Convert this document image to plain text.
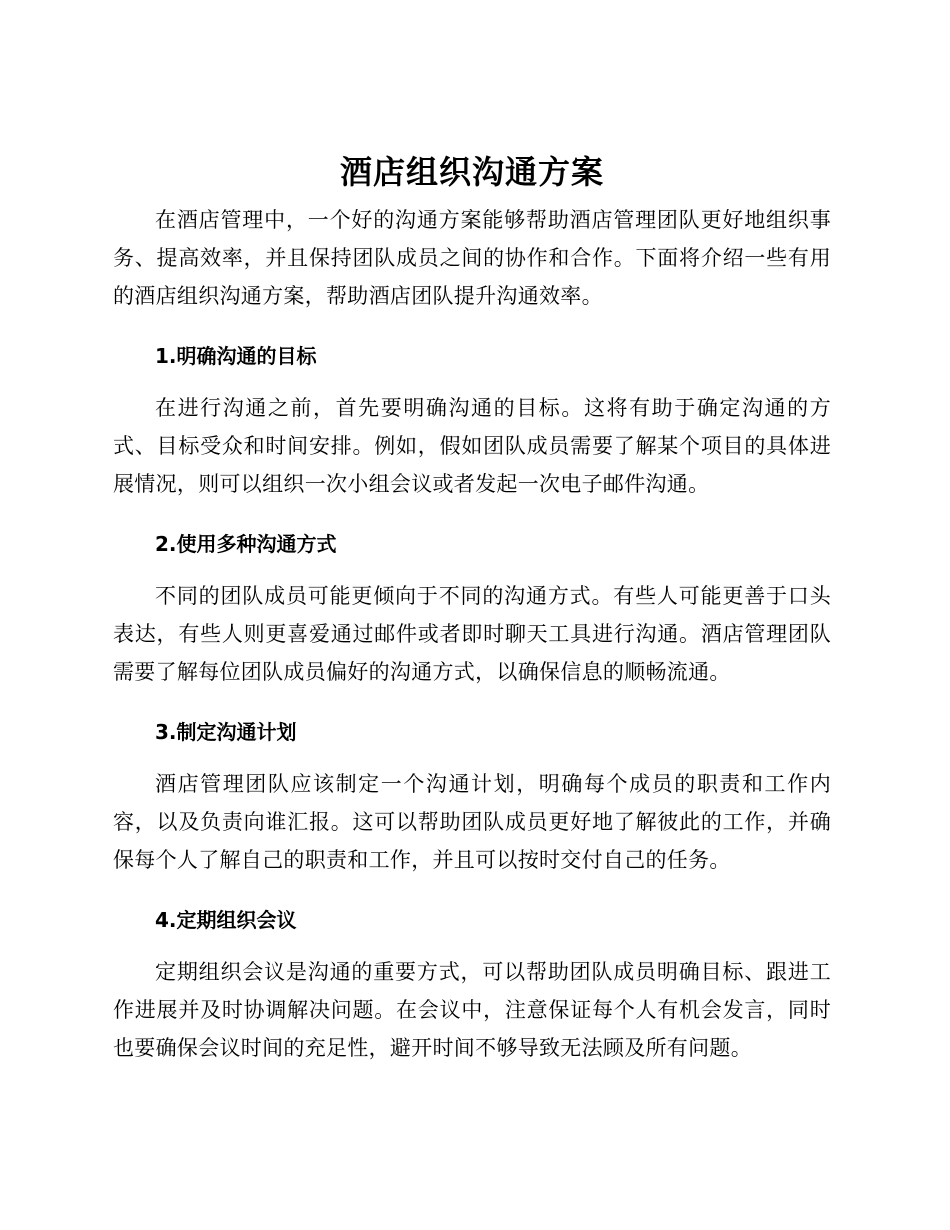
酒店组织沟通方案

在酒店管理中，一个好的沟通方案能够帮助酒店管理团队更好地组织事务、提高效率，并且保持团队成员之间的协作和合作。下面将介绍一些有用的酒店组织沟通方案，帮助酒店团队提升沟通效率。

1.明确沟通的目标

在进行沟通之前，首先要明确沟通的目标。这将有助于确定沟通的方式、目标受众和时间安排。例如，假如团队成员需要了解某个项目的具体进展情况，则可以组织一次小组会议或者发起一次电子邮件沟通。

2.使用多种沟通方式

不同的团队成员可能更倾向于不同的沟通方式。有些人可能更善于口头表达，有些人则更喜爱通过邮件或者即时聊天工具进行沟通。酒店管理团队需要了解每位团队成员偏好的沟通方式，以确保信息的顺畅流通。

3.制定沟通计划

酒店管理团队应该制定一个沟通计划，明确每个成员的职责和工作内容，以及负责向谁汇报。这可以帮助团队成员更好地了解彼此的工作，并确保每个人了解自己的职责和工作，并且可以按时交付自己的任务。

4.定期组织会议

定期组织会议是沟通的重要方式，可以帮助团队成员明确目标、跟进工作进展并及时协调解决问题。在会议中，注意保证每个人有机会发言，同时也要确保会议时间的充足性，避开时间不够导致无法顾及所有问题。
